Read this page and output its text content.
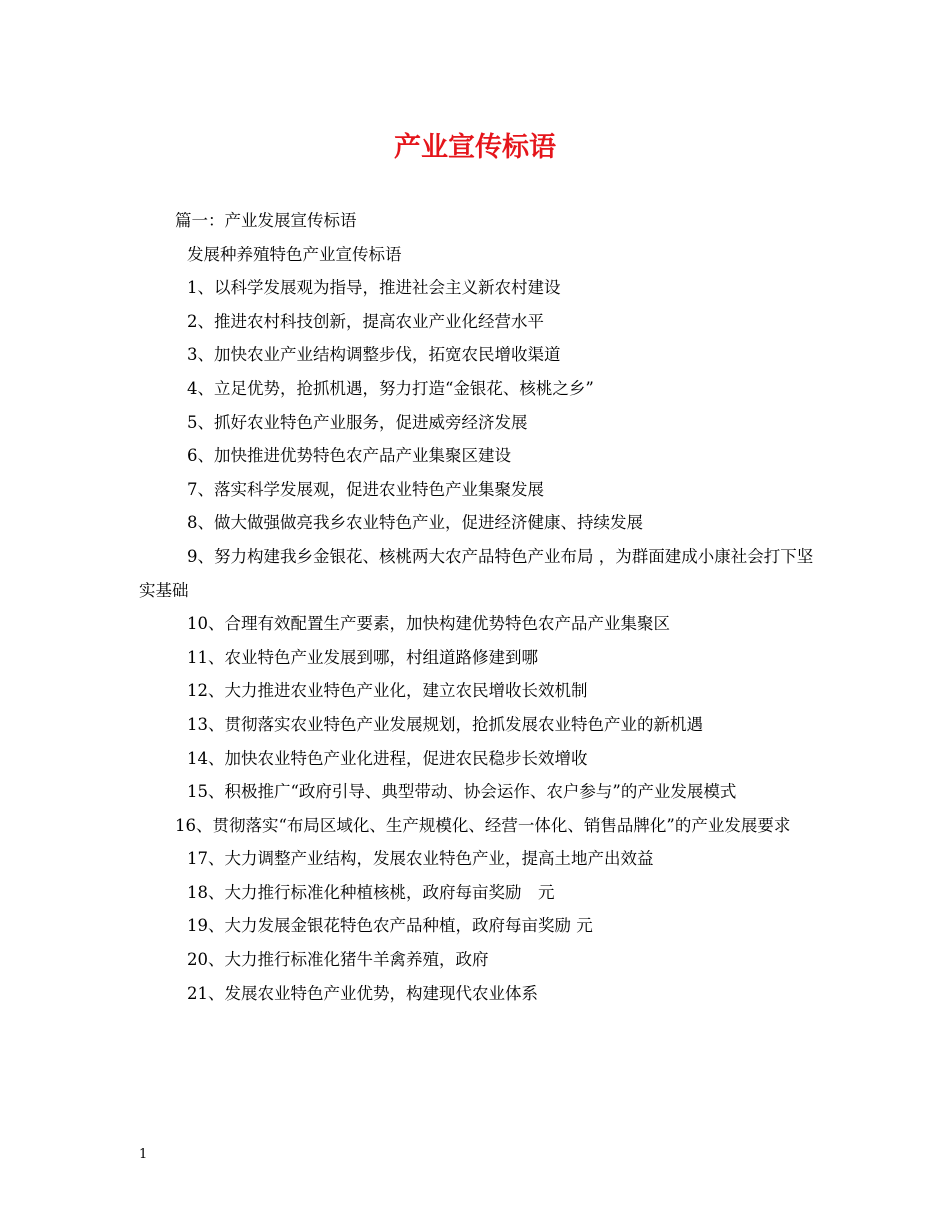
产业宣传标语
篇一：产业发展宣传标语
发展种养殖特色产业宣传标语
1、以科学发展观为指导，推进社会主义新农村建设
2、推进农村科技创新，提高农业产业化经营水平
3、加快农业产业结构调整步伐，拓宽农民增收渠道
4、立足优势，抢抓机遇，努力打造“金银花、核桃之乡”
5、抓好农业特色产业服务，促进威旁经济发展
6、加快推进优势特色农产品产业集聚区建设
7、落实科学发展观，促进农业特色产业集聚发展
8、做大做强做亮我乡农业特色产业，促进经济健康、持续发展
9、努力构建我乡金银花、核桃两大农产品特色产业布局 ，为群面建成小康社会打下坚实基础
10、合理有效配置生产要素，加快构建优势特色农产品产业集聚区
11、农业特色产业发展到哪，村组道路修建到哪
12、大力推进农业特色产业化，建立农民增收长效机制
13、贯彻落实农业特色产业发展规划，抢抓发展农业特色产业的新机遇
14、加快农业特色产业化进程，促进农民稳步长效增收
15、积极推广“政府引导、典型带动、协会运作、农户参与”的产业发展模式
16、贯彻落实“布局区域化、生产规模化、经营一体化、销售品牌化”的产业发展要求
17、大力调整产业结构，发展农业特色产业，提高土地产出效益
18、大力推行标准化种植核桃，政府每亩奖励　元
19、大力发展金银花特色农产品种植，政府每亩奖励 元
20、大力推行标准化猪牛羊禽养殖，政府
21、发展农业特色产业优势，构建现代农业体系
1
